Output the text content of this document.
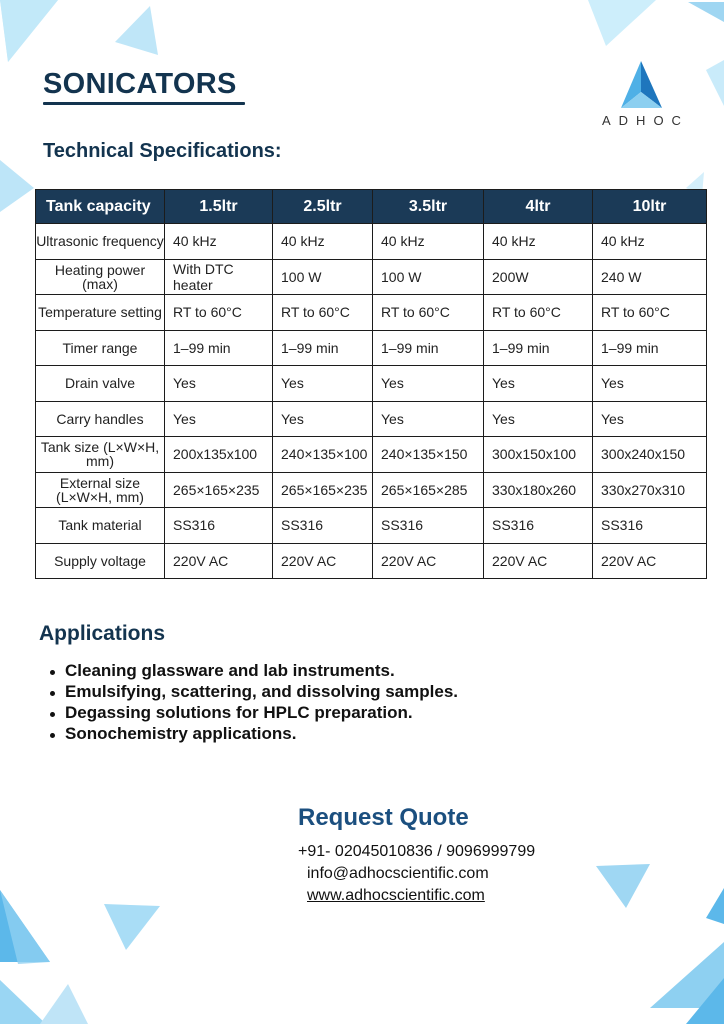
SONICATORS
ADHOC
Technical Specifications:
Tank capacity	1.5ltr	2.5ltr	3.5ltr	4ltr	10ltr
Ultrasonic frequency	40 kHz	40 kHz	40 kHz	40 kHz	40 kHz
Heating power (max)	With DTC heater	100 W	100 W	200W	240 W
Temperature setting	RT to 60°C	RT to 60°C	RT to 60°C	RT to 60°C	RT to 60°C
Timer range	1–99 min	1–99 min	1–99 min	1–99 min	1–99 min
Drain valve	Yes	Yes	Yes	Yes	Yes
Carry handles	Yes	Yes	Yes	Yes	Yes
Tank size (L×W×H, mm)	200x135x100	240×135×100	240×135×150	300x150x100	300x240x150
External size (L×W×H, mm)	265×165×235	265×165×235	265×165×285	330x180x260	330x270x310
Tank material	SS316	SS316	SS316	SS316	SS316
Supply voltage	220V AC	220V AC	220V AC	220V AC	220V AC
Applications
Cleaning glassware and lab instruments.
Emulsifying, scattering, and dissolving samples.
Degassing solutions for HPLC preparation.
Sonochemistry applications.
Request Quote
+91- 02045010836 / 9096999799
info@adhocscientific.com
www.adhocscientific.com
